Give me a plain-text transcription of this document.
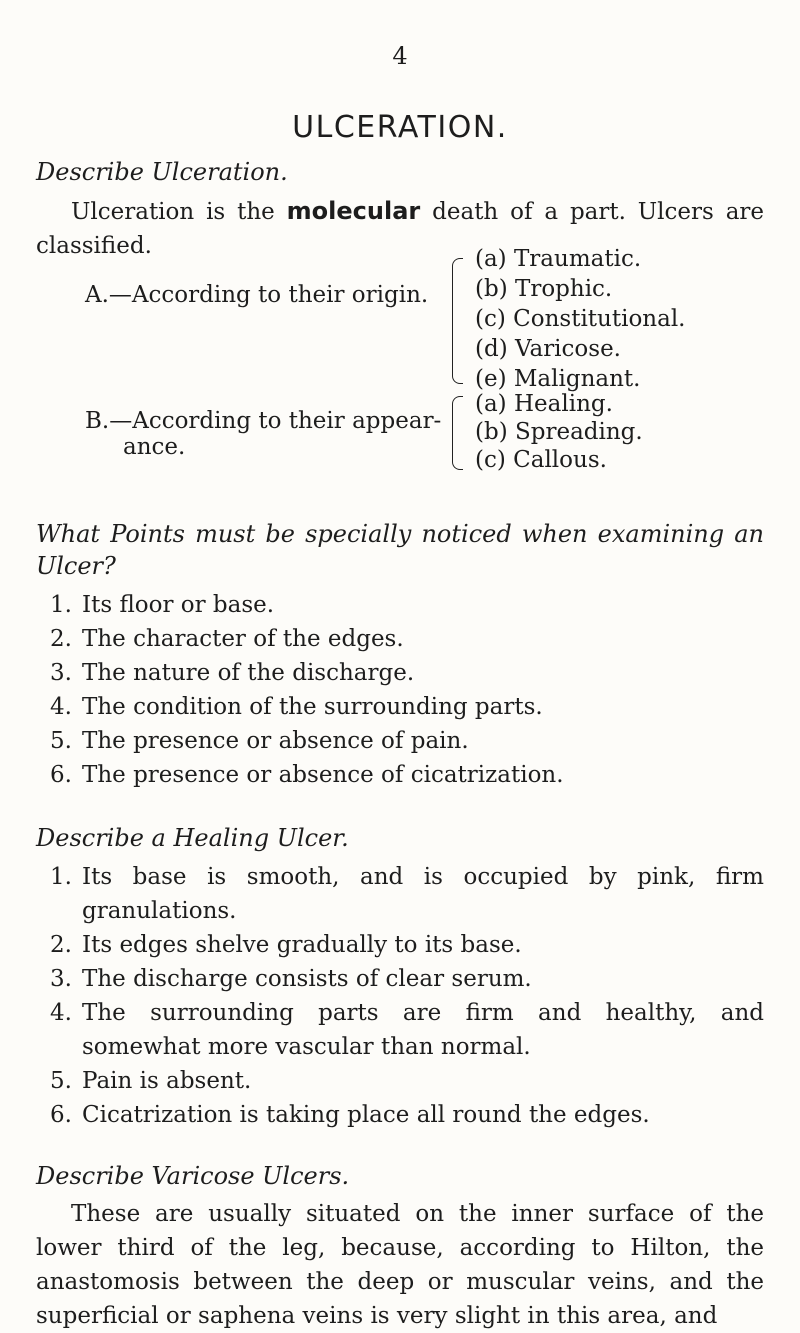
4
ULCERATION.
Describe Ulceration.

Ulceration is the molecular death of a part. Ulcers are classified.

A.—According to their origin.
(a) Traumatic.
(b) Trophic.
(c) Constitutional.
(d) Varicose.
(e) Malignant.
B.—According to their appear-
ance.
(a) Healing.
(b) Spreading.
(c) Callous.
What Points must be specially noticed when examining an Ulcer?
1. Its floor or base.
2. The character of the edges.
3. The nature of the discharge.
4. The condition of the surrounding parts.
5. The presence or absence of pain.
6. The presence or absence of cicatrization.
Describe a Healing Ulcer.
1. Its base is smooth, and is occupied by pink, firm granulations.
2. Its edges shelve gradually to its base.
3. The discharge consists of clear serum.
4. The surrounding parts are firm and healthy, and somewhat more vascular than normal.
5. Pain is absent.
6. Cicatrization is taking place all round the edges.
Describe Varicose Ulcers.

These are usually situated on the inner surface of the lower third of the leg, because, according to Hilton, the anastomosis between the deep or muscular veins, and the superficial or saphena veins is very slight in this area, and
